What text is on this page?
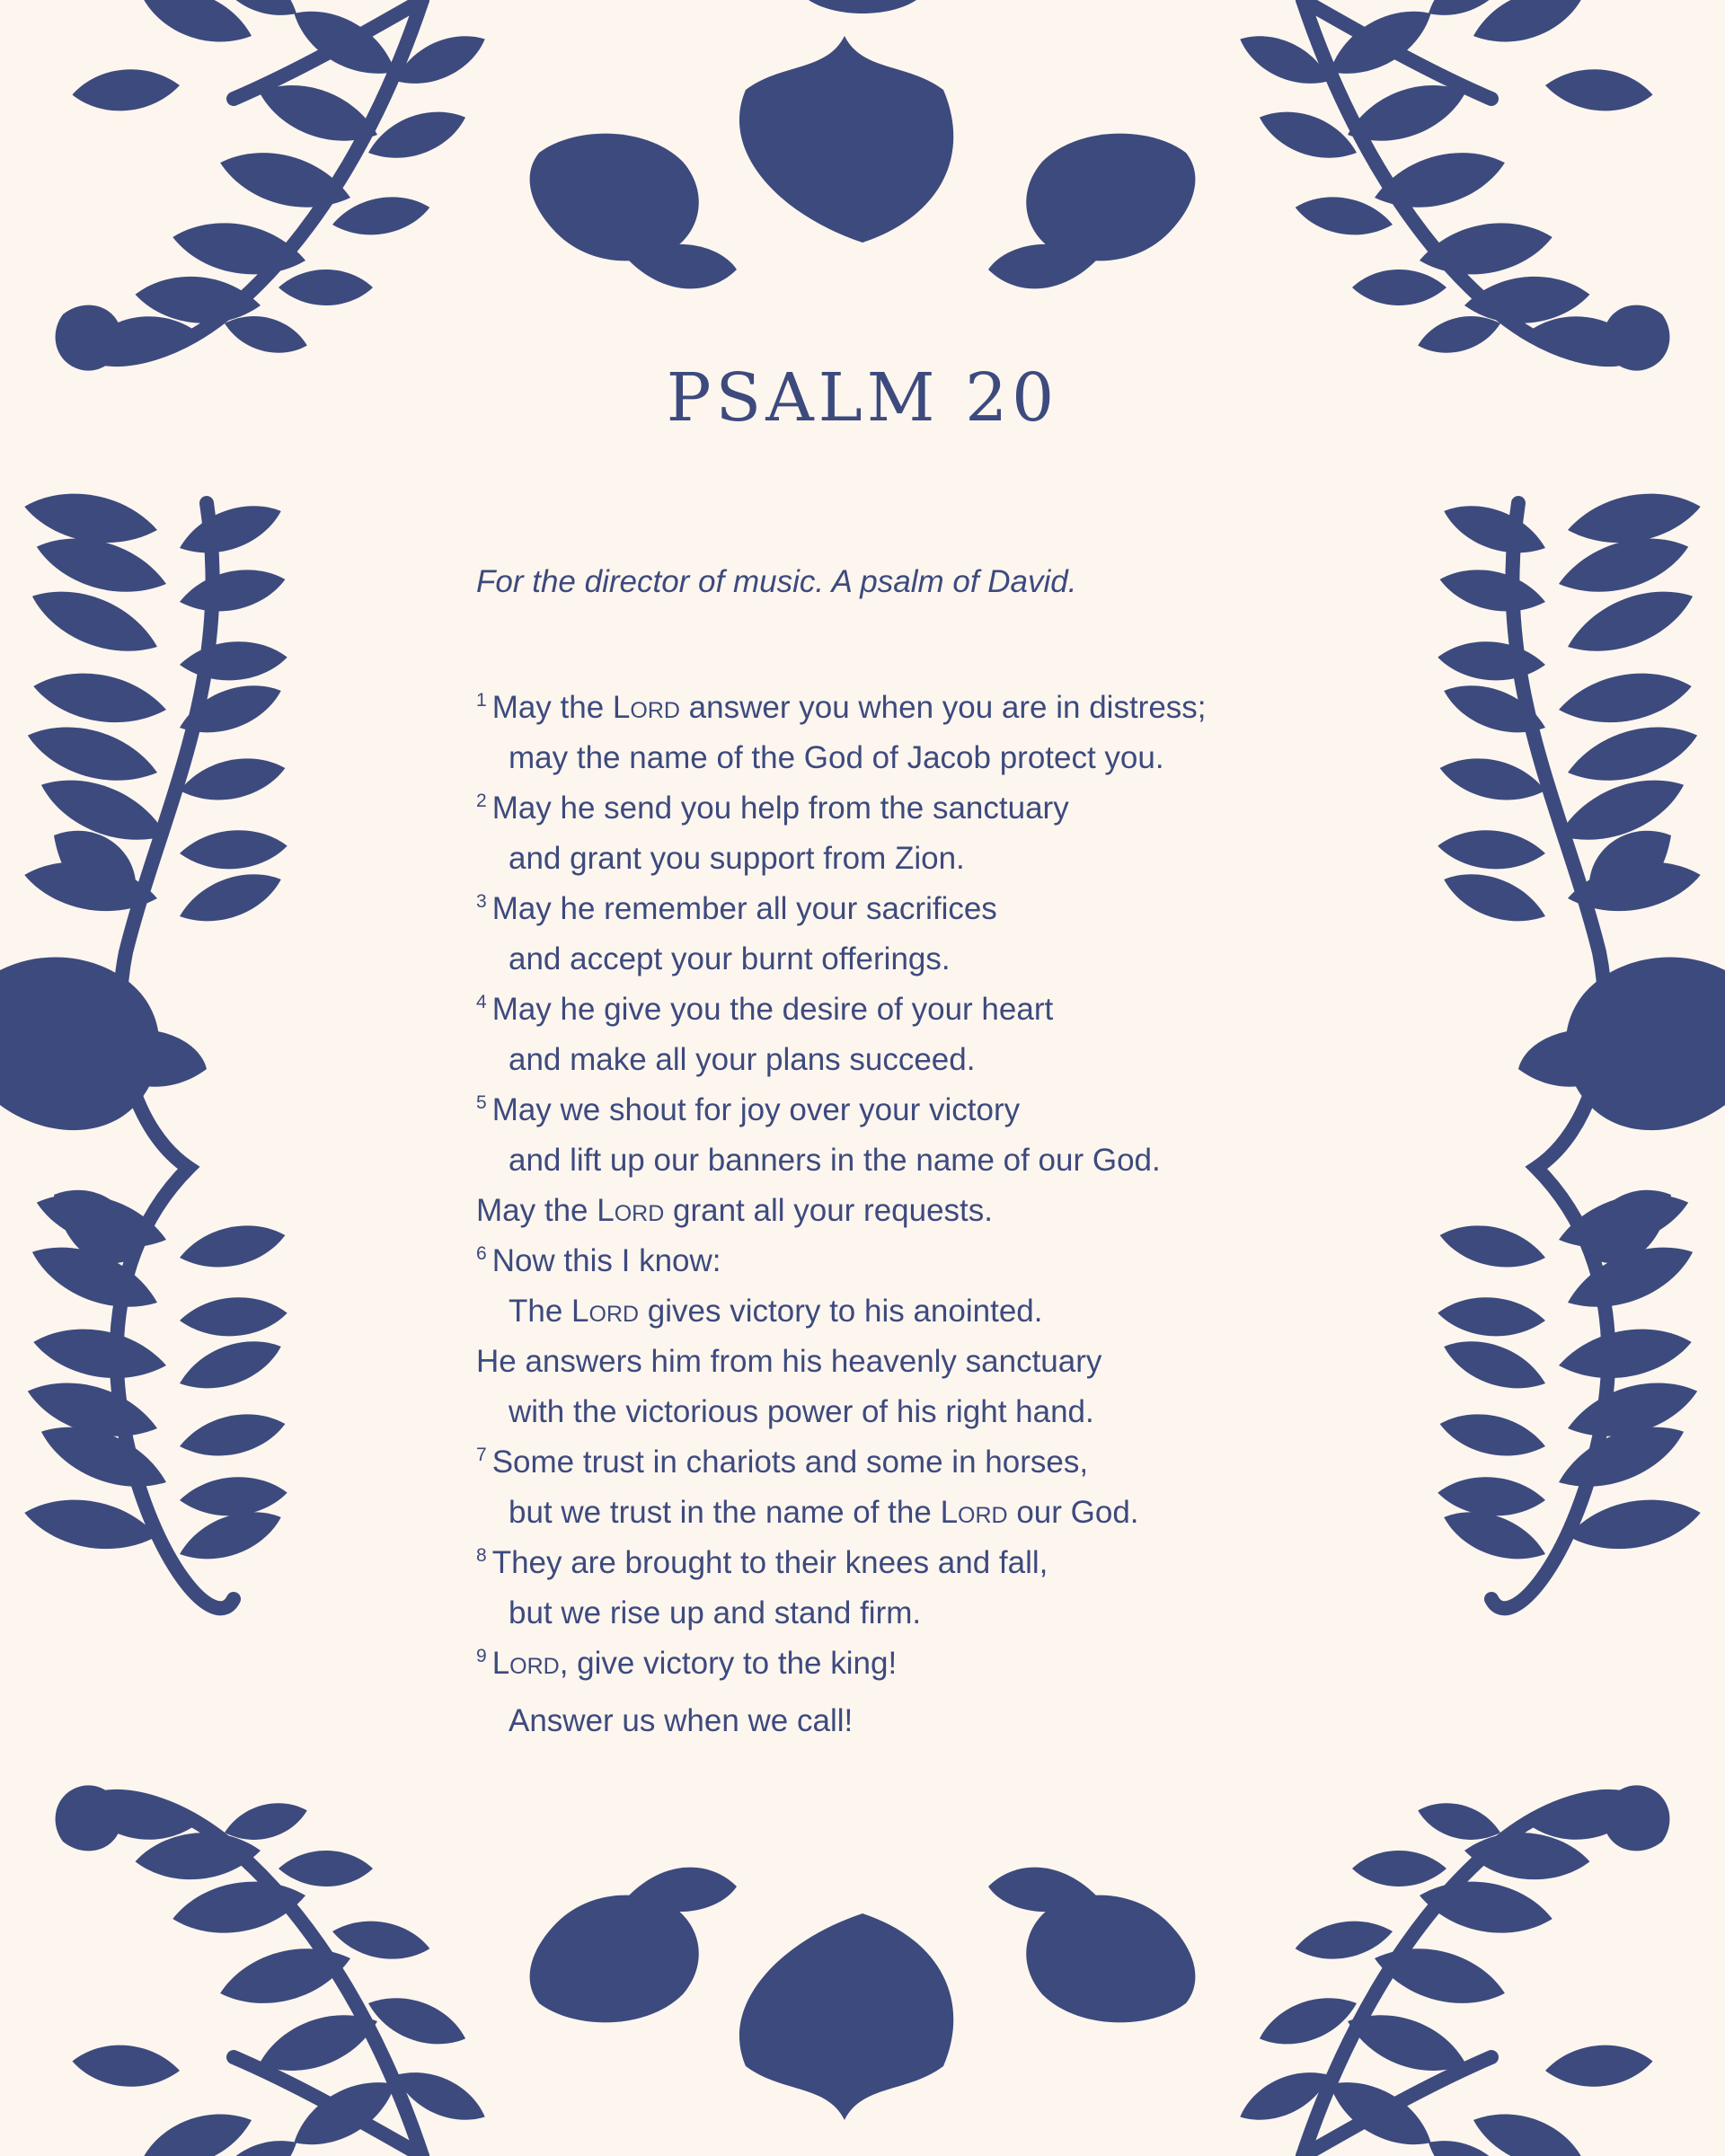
PSALM 20
For the director of music. A psalm of David.
$^1$ May the Lord answer you when you are in distress;
may the name of the God of Jacob protect you.
$^2$ May he send you help from the sanctuary
and grant you support from Zion.
$^3$ May he remember all your sacrifices
and accept your burnt offerings.
$^4$ May he give you the desire of your heart
and make all your plans succeed.
$^5$ May we shout for joy over your victory
and lift up our banners in the name of our God.
May the Lord grant all your requests.
$^6$ Now this I know:
The Lord gives victory to his anointed.
He answers him from his heavenly sanctuary
with the victorious power of his right hand.
$^7$ Some trust in chariots and some in horses,
but we trust in the name of the Lord our God.
$^8$ They are brought to their knees and fall,
but we rise up and stand firm.
$^9$ Lord, give victory to the king!
Answer us when we call!
